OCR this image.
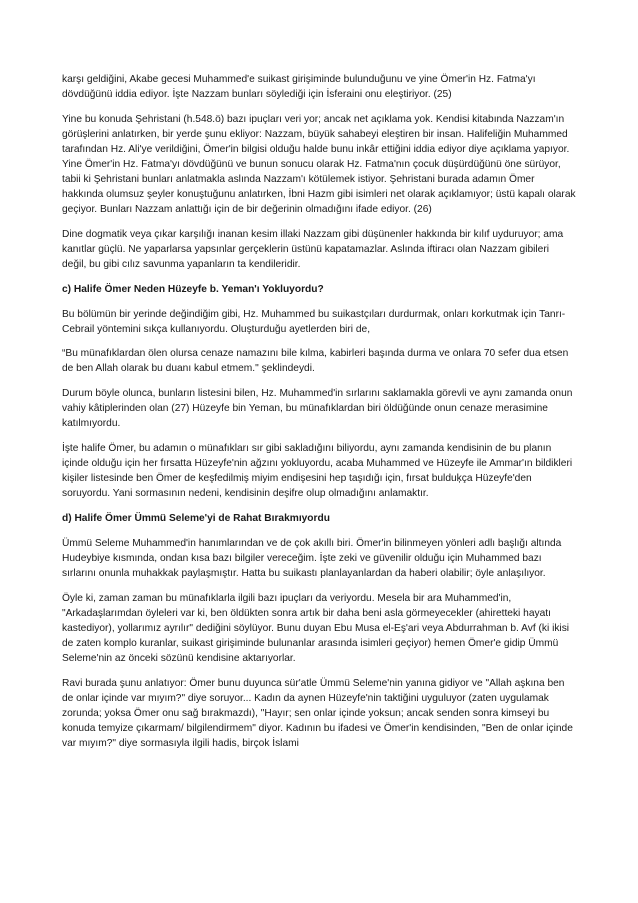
karşı geldiğini, Akabe gecesi Muhammed'e suikast girişiminde bulunduğunu ve yine Ömer'in Hz. Fatma'yı dövdüğünü iddia ediyor. İşte Nazzam bunları söylediği için İsferaini onu eleştiriyor. (25)

Yine bu konuda Şehristani (h.548.ö) bazı ipuçları veri yor; ancak net açıklama yok. Kendisi kitabında Nazzam'ın görüşlerini anlatırken, bir yerde şunu ekliyor: Nazzam, büyük sahabeyi eleştiren bir insan. Halifeliğin Muhammed tarafından Hz. Ali'ye verildiğini, Ömer'in bilgisi olduğu halde bunu inkâr ettiğini iddia ediyor diye açıklama yapıyor. Yine Ömer'in Hz. Fatma'yı dövdüğünü ve bunun sonucu olarak Hz. Fatma'nın çocuk düşürdüğünü öne sürüyor, tabii ki Şehristani bunları anlatmakla aslında Nazzam'ı kötülemek istiyor. Şehristani burada adamın Ömer hakkında olumsuz şeyler konuştuğunu anlatırken, İbni Hazm gibi isimleri net olarak açıklamıyor; üstü kapalı olarak geçiyor. Bunları Nazzam anlattığı için de bir değerinin olmadığını ifade ediyor. (26)

Dine dogmatik veya çıkar karşılığı inanan kesim illaki Nazzam gibi düşünenler hakkında bir kılıf uyduruyor; ama kanıtlar güçlü. Ne yaparlarsa yapsınlar gerçeklerin üstünü kapatamazlar. Aslında iftiracı olan Nazzam gibileri değil, bu gibi cılız savunma yapanların ta kendileridir.

c) Halife Ömer Neden Hüzeyfe b. Yeman'ı Yokluyordu?

Bu bölümün bir yerinde değindiğim gibi, Hz. Muhammed bu suikastçıları durdurmak, onları korkutmak için Tanrı-Cebrail yöntemini sıkça kullanıyordu. Oluşturduğu ayetlerden biri de,

“Bu münafıklardan ölen olursa cenaze namazını bile kılma, kabirleri başında durma ve onlara 70 sefer dua etsen de ben Allah olarak bu duanı kabul etmem." şeklindeydi.

Durum böyle olunca, bunların listesini bilen, Hz. Muhammed'in sırlarını saklamakla görevli ve aynı zamanda onun vahiy kâtiplerinden olan (27) Hüzeyfe bin Yeman, bu münafıklardan biri öldüğünde onun cenaze merasimine katılmıyordu.

İşte halife Ömer, bu adamın o münafıkları sır gibi sakladığını biliyordu, aynı zamanda kendisinin de bu planın içinde olduğu için her fırsatta Hüzeyfe'nin ağzını yokluyordu, acaba Muhammed ve Hüzeyfe ile Ammar'ın bildikleri kişiler listesinde ben Ömer de keşfedilmiş miyim endişesini hep taşıdığı için, fırsat bulduķça Hüzeyfe'den soruyordu. Yani sormasının nedeni, kendisinin deşifre olup olmadığını anlamaktır.

d) Halife Ömer Ümmü Seleme'yi de Rahat Bırakmıyordu

Ümmü Seleme Muhammed'in hanımlarından ve de çok akıllı biri. Ömer'in bilinmeyen yönleri adlı başlığı altında Hudeybiye kısmında, ondan kısa bazı bilgiler vereceğim. İşte zeki ve güvenilir olduğu için Muhammed bazı sırlarını onunla muhakkak paylaşmıştır. Hatta bu suikastı planlayanlardan da haberi olabilir; öyle anlaşılıyor.

Öyle ki, zaman zaman bu münafıklarla ilgili bazı ipuçları da veriyordu. Mesela bir ara Muhammed'in, "Arkadaşlarımdan öyleleri var ki, ben öldükten sonra artık bir daha beni asla görmeyecekler (ahiretteki hayatı kastediyor), yollarımız ayrılır" dediğini söylüyor. Bunu duyan Ebu Musa el-Eş'ari veya Abdurrahman b. Avf (ki ikisi de zaten komplo kuranlar, suikast girişiminde bulunanlar arasında isimleri geçiyor) hemen Ömer'e gidip Ümmü Seleme'nin az önceki sözünü kendisine aktarıyorlar.

Ravi burada şunu anlatıyor: Ömer bunu duyunca sür'atle Ümmü Seleme'nin yanına gidiyor ve "Allah aşkına ben de onlar içinde var mıyım?" diye soruyor... Kadın da aynen Hüzeyfe'nin taktiğini uyguluyor (zaten uygulamak zorunda; yoksa Ömer onu sağ bırakmazdı), "Hayır; sen onlar içinde yoksun; ancak senden sonra kimseyi bu konuda temyize çıkarmam/ bilgilendirmem" diyor. Kadının bu ifadesi ve Ömer'in kendisinden, "Ben de onlar içinde var mıyım?" diye sormasıyla ilgili hadis, birçok İslami
